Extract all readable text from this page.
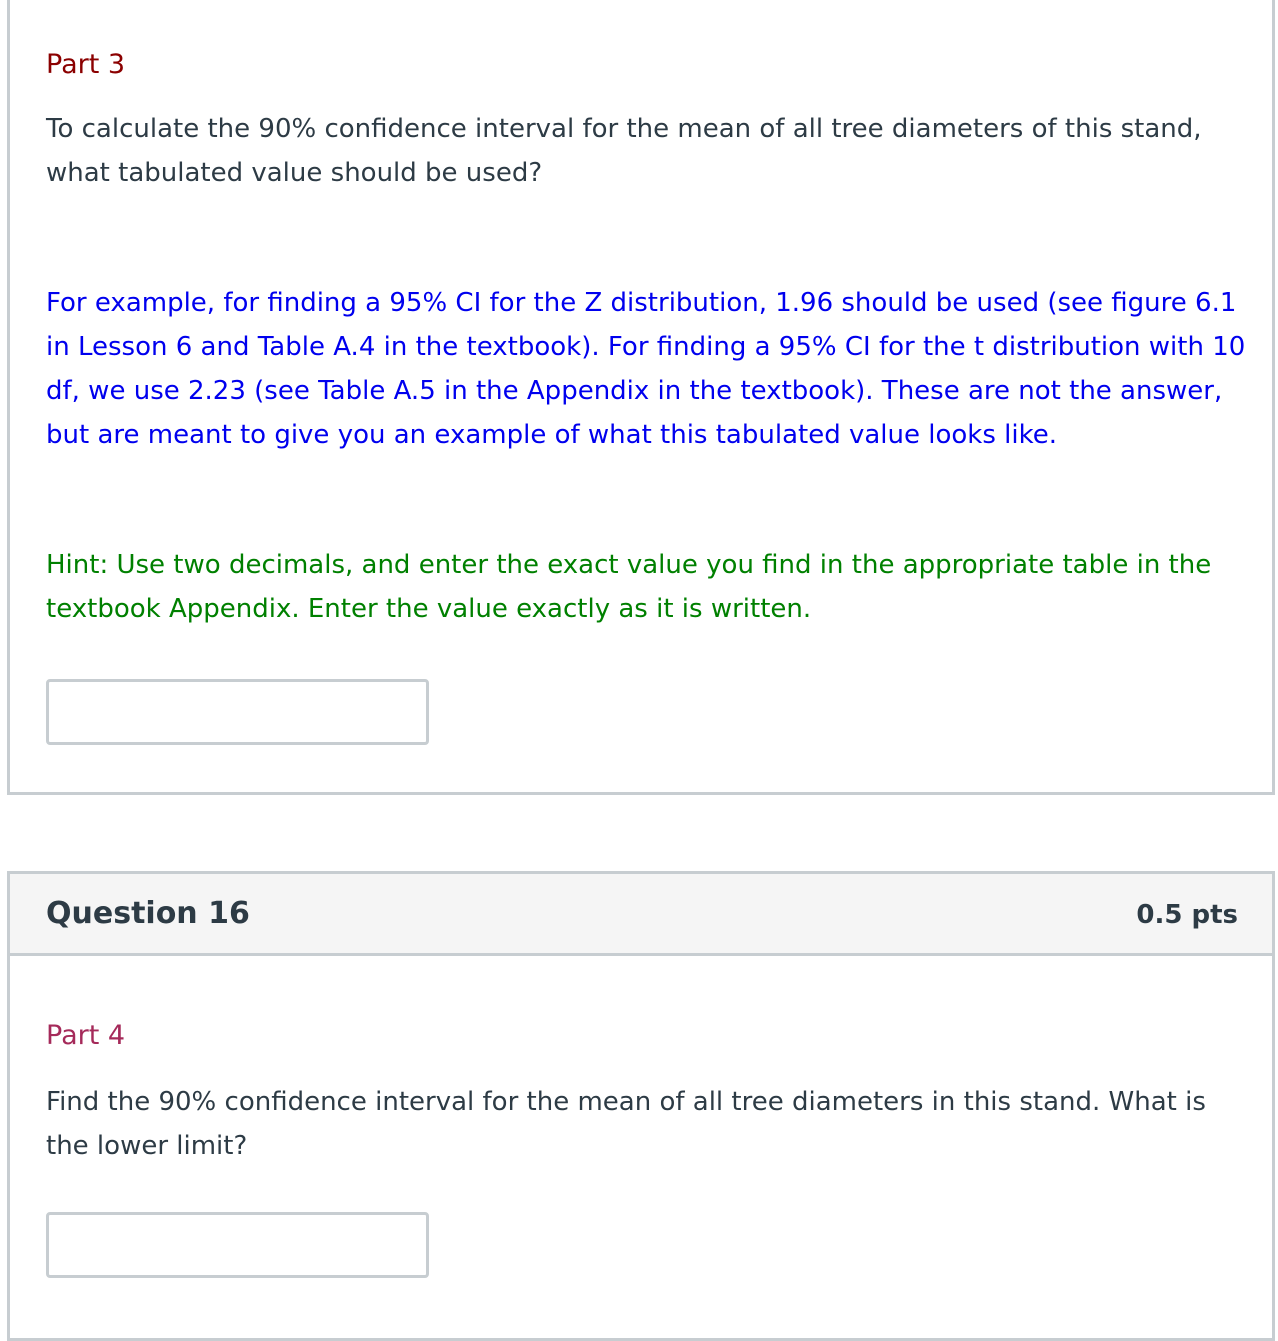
Part 3

To calculate the 90% confidence interval for the mean of all tree diameters of this stand, what tabulated value should be used?

For example, for finding a 95% CI for the Z distribution, 1.96 should be used (see figure 6.1 in Lesson 6 and Table A.4 in the textbook). For finding a 95% CI for the t distribution with 10 df, we use 2.23 (see Table A.5 in the Appendix in the textbook). These are not the answer, but are meant to give you an example of what this tabulated value looks like.

Hint: Use two decimals, and enter the exact value you find in the appropriate table in the textbook Appendix. Enter the value exactly as it is written.

Question 16	0.5 pts
Part 4

Find the 90% confidence interval for the mean of all tree diameters in this stand. What is the lower limit?
